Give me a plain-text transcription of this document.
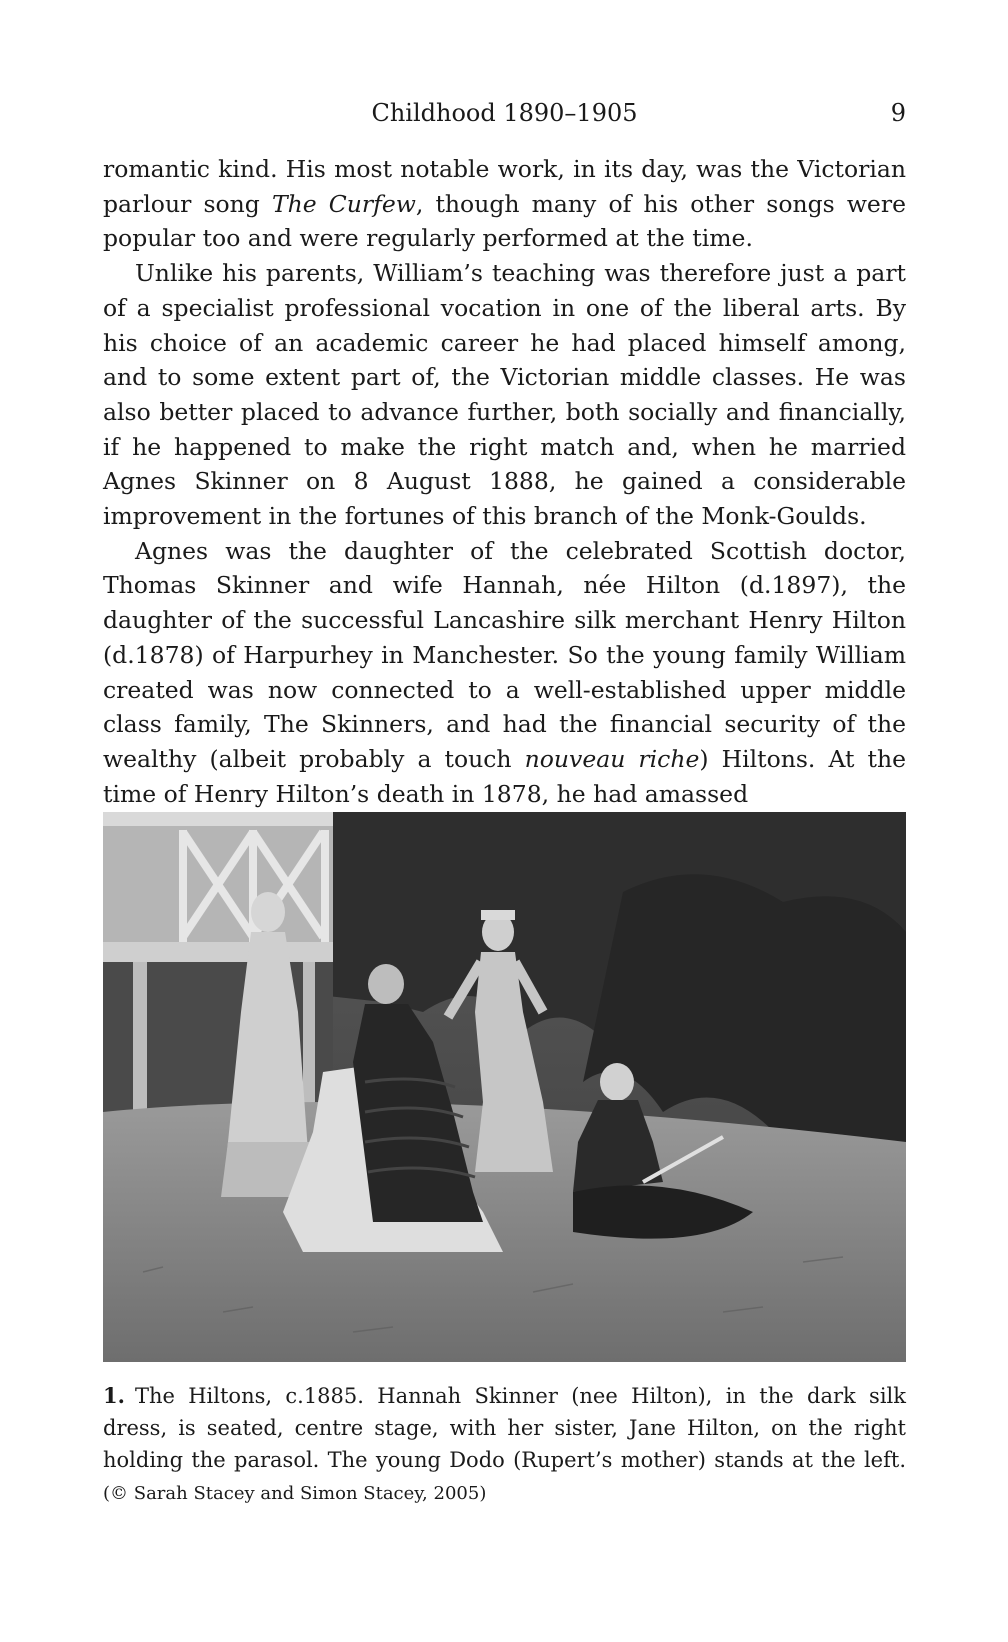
Childhood 1890–1905	9

romantic kind. His most notable work, in its day, was the Victorian parlour song The Curfew, though many of his other songs were popular too and were regularly performed at the time.

Unlike his parents, William’s teaching was therefore just a part of a specialist professional vocation in one of the liberal arts. By his choice of an academic career he had placed himself among, and to some extent part of, the Victorian middle classes. He was also better placed to advance further, both socially and financially, if he happened to make the right match and, when he married Agnes Skinner on 8 August 1888, he gained a considerable improvement in the fortunes of this branch of the Monk-Goulds.

Agnes was the daughter of the celebrated Scottish doctor, Thomas Skinner and wife Hannah, née Hilton (d.1897), the daughter of the successful Lancashire silk merchant Henry Hilton (d.1878) of Harpurhey in Manchester. So the young family William created was now connected to a well-established upper middle class family, The Skinners, and had the financial security of the wealthy (albeit probably a touch nouveau riche) Hiltons. At the time of Henry Hilton’s death in 1878, he had amassed

1. The Hiltons, c.1885. Hannah Skinner (nee Hilton), in the dark silk dress, is seated, centre stage, with her sister, Jane Hilton, on the right holding the parasol. The young Dodo (Rupert’s mother) stands at the left. (© Sarah Stacey and Simon Stacey, 2005)
